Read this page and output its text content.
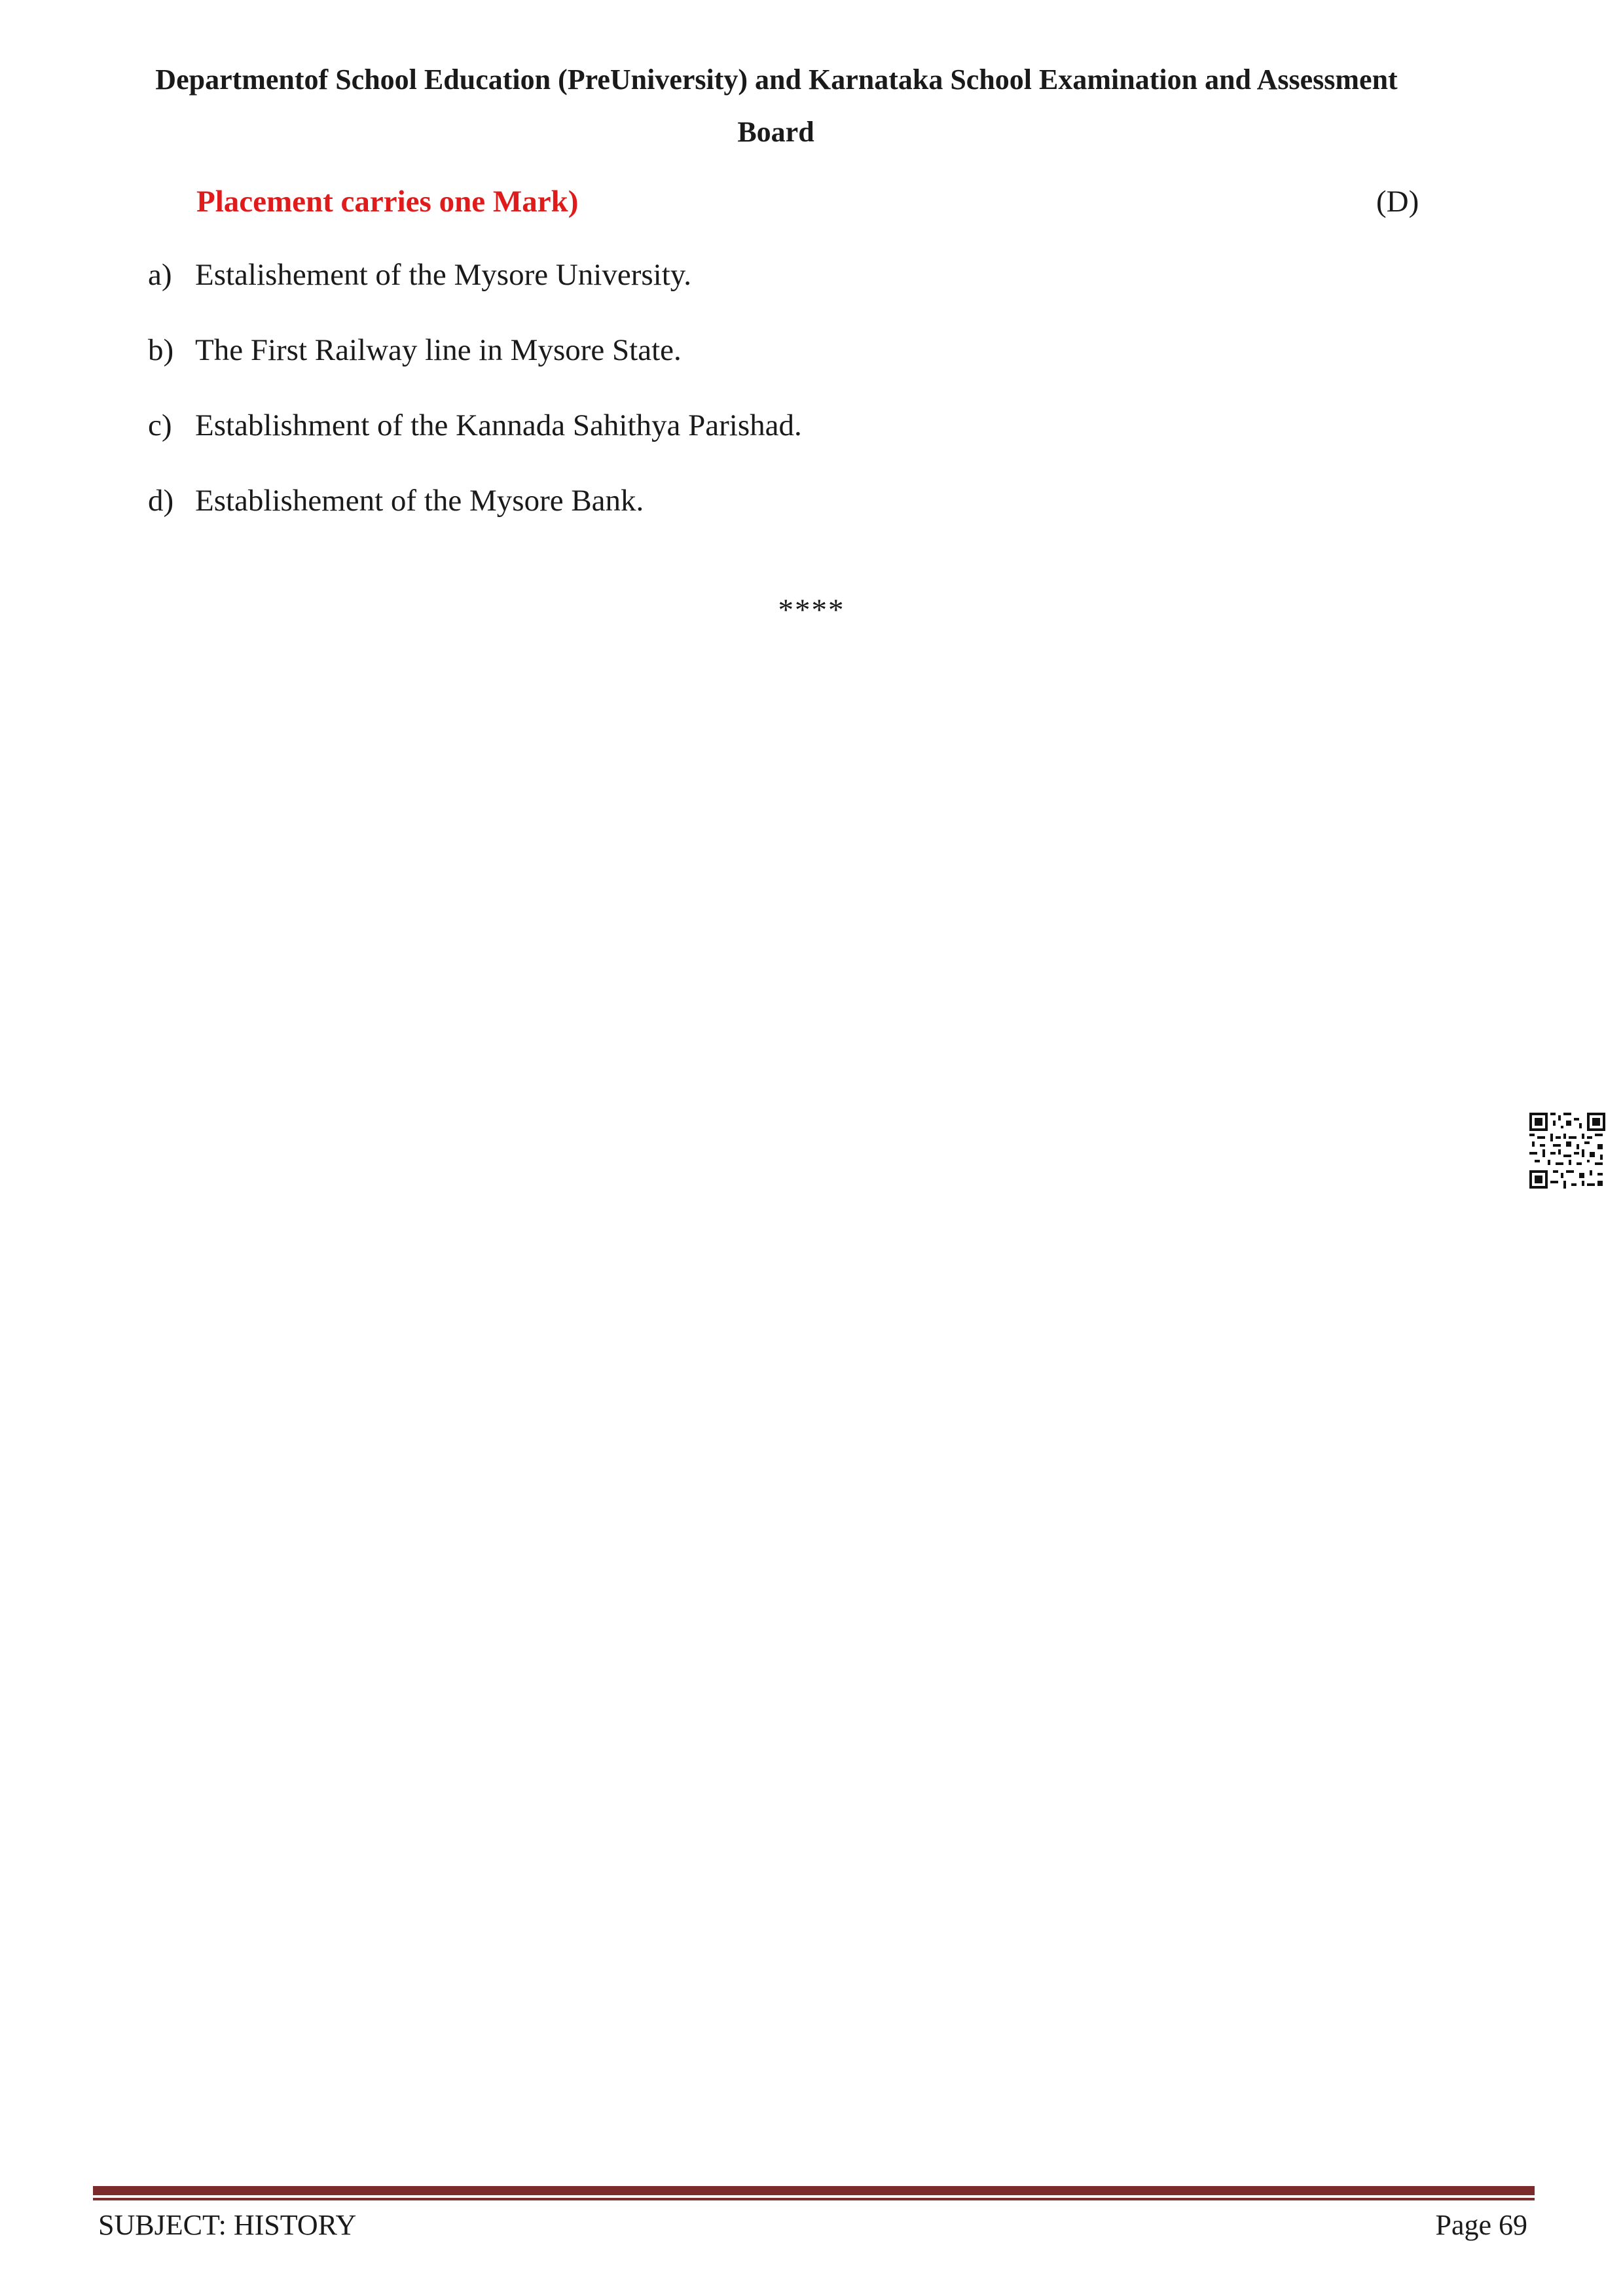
Departmentof School Education (PreUniversity) and Karnataka School Examination and Assessment
Board
Placement carries one Mark)	(D)
a) Estalishement of the Mysore University.
b) The First Railway line in Mysore State.
c) Establishment of the Kannada Sahithya Parishad.
d) Establishement of the Mysore Bank.
****
SUBJECT: HISTORY	Page 69
